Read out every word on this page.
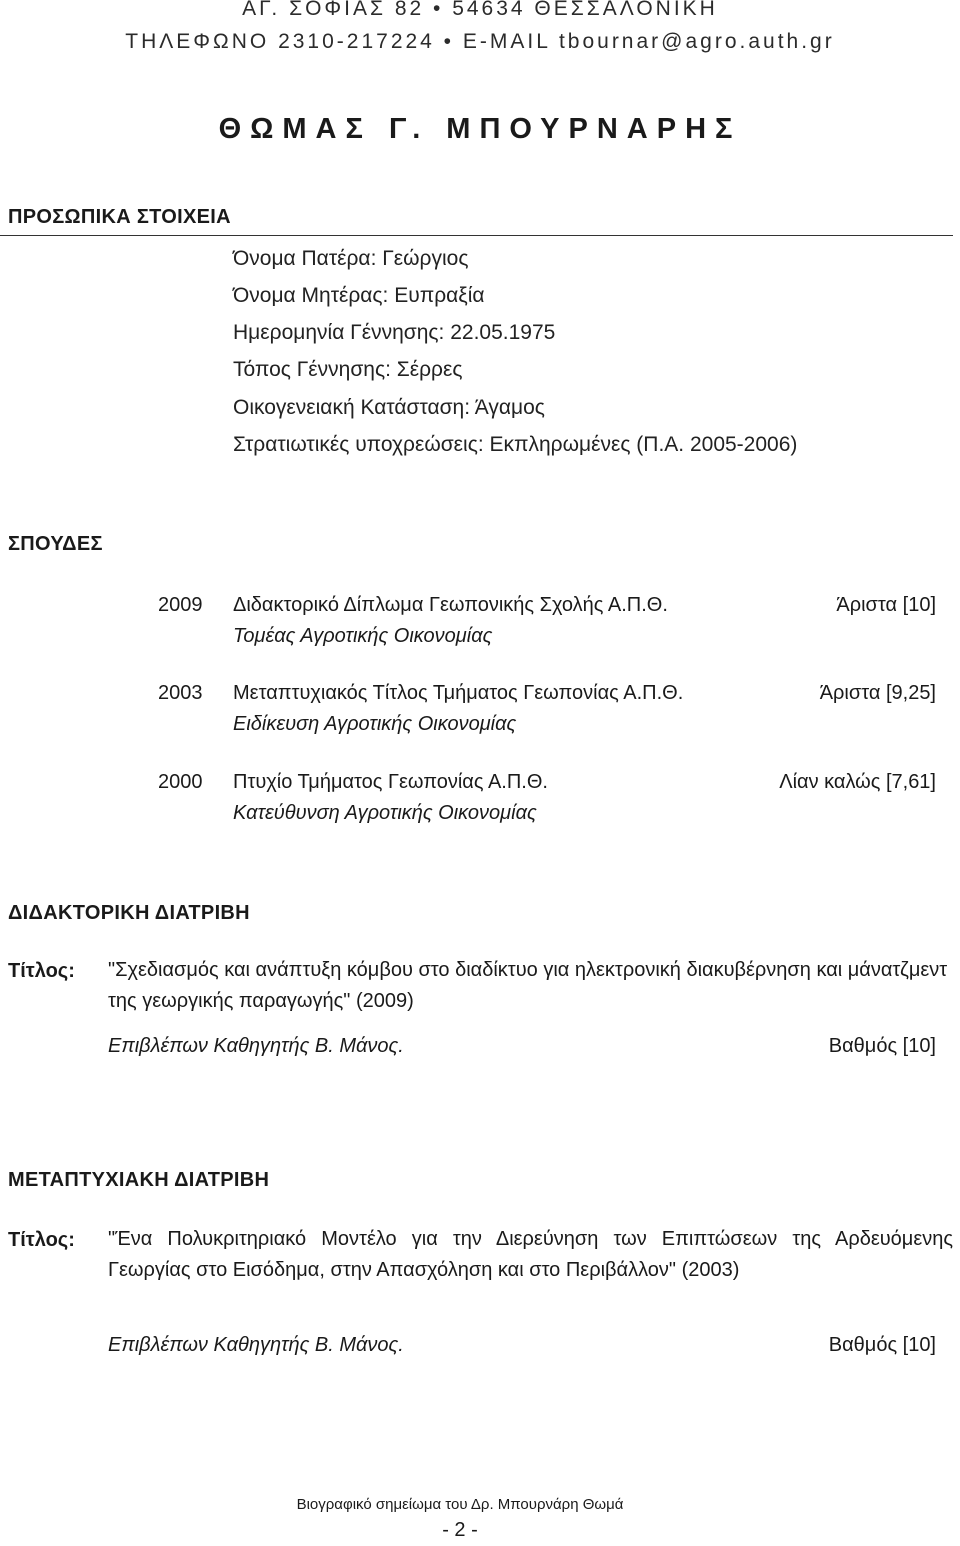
ΑΓ. ΣΟΦΙΑΣ 82 • 54634 ΘΕΣΣΑΛΟΝΙΚΗ
ΤΗΛΕΦΩΝΟ 2310-217224 • E-MAIL tbournar@agro.auth.gr
ΘΩΜΑΣ Γ. ΜΠΟΥΡΝΑΡΗΣ
ΠΡΟΣΩΠΙΚΑ ΣΤΟΙΧΕΙΑ
Όνομα Πατέρα: Γεώργιος
Όνομα Μητέρας: Ευπραξία
Ημερομηνία Γέννησης: 22.05.1975
Τόπος Γέννησης: Σέρρες
Οικογενειακή Κατάσταση: Άγαμος
Στρατιωτικές υποχρεώσεις: Εκπληρωμένες (Π.Α. 2005-2006)
ΣΠΟΥΔΕΣ
2009 Διδακτορικό Δίπλωμα Γεωπονικής Σχολής Α.Π.Θ.	Άριστα [10]
Τομέας Αγροτικής Οικονομίας
2003 Μεταπτυχιακός Τίτλος Τμήματος Γεωπονίας Α.Π.Θ.	Άριστα [9,25]
Ειδίκευση Αγροτικής Οικονομίας
2000 Πτυχίο Τμήματος Γεωπονίας Α.Π.Θ.	Λίαν καλώς [7,61]
Κατεύθυνση Αγροτικής Οικονομίας
ΔΙΔΑΚΤΟΡΙΚΗ ΔΙΑΤΡΙΒΗ
Τίτλος: "Σχεδιασμός και ανάπτυξη κόμβου στο διαδίκτυο για ηλεκτρονική διακυβέρνηση και μάνατζμεντ της γεωργικής παραγωγής" (2009)
Επιβλέπων Καθηγητής Β. Μάνος.	Βαθμός [10]
ΜΕΤΑΠΤΥΧΙΑΚΗ ΔΙΑΤΡΙΒΗ
Τίτλος: "Ένα Πολυκριτηριακό Μοντέλο για την Διερεύνηση των Επιπτώσεων της Αρδευόμενης Γεωργίας στο Εισόδημα, στην Απασχόληση και στο Περιβάλλον" (2003)
Επιβλέπων Καθηγητής Β. Μάνος.	Βαθμός [10]
Βιογραφικό σημείωμα του Δρ. Μπουρνάρη Θωμά
- 2 -
